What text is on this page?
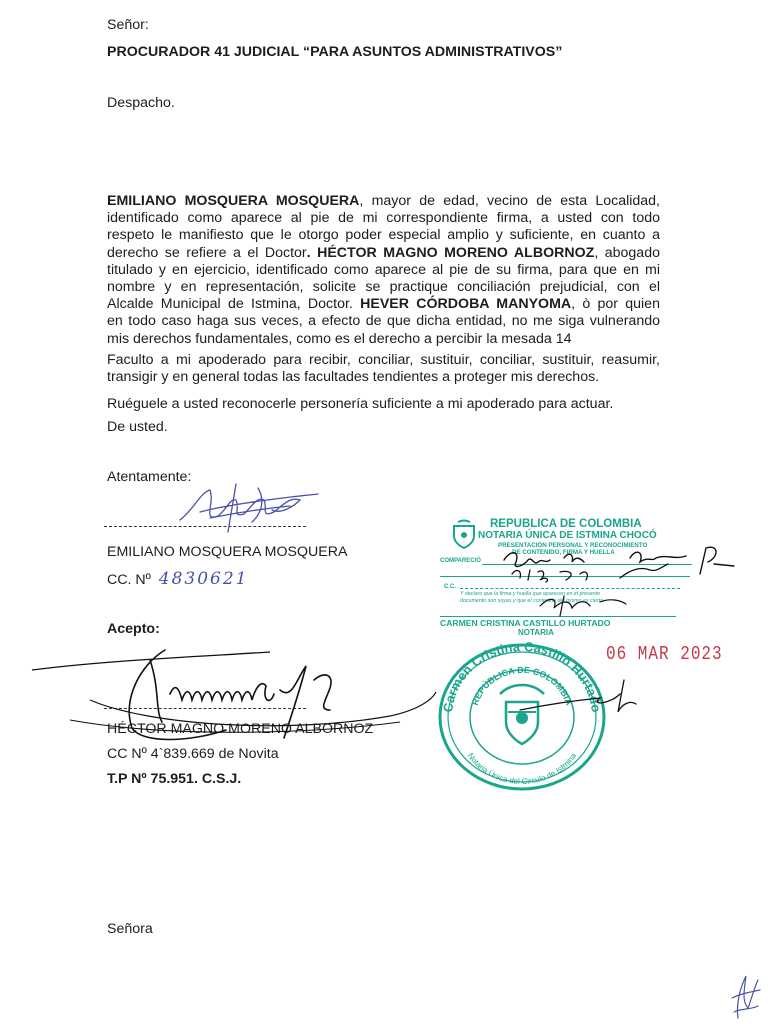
Señor:
PROCURADOR 41 JUDICIAL “PARA ASUNTOS ADMINISTRATIVOS”
Despacho.
EMILIANO MOSQUERA MOSQUERA, mayor de edad, vecino de esta Localidad,
identificado como aparece al pie de mi correspondiente firma, a usted con todo
respeto le manifiesto que le otorgo poder especial amplio y suficiente, en cuanto a
derecho se refiere a el Doctor. HÉCTOR MAGNO MORENO ALBORNOZ, abogado
titulado y en ejercicio, identificado como aparece al pie de su firma, para que en mi
nombre y en representación, solicite se practique conciliación prejudicial, con el
Alcalde Municipal de Istmina, Doctor. HEVER CÓRDOBA MANYOMA, ò por quien
en todo caso haga sus veces, a efecto de que dicha entidad, no me siga vulnerando
mis derechos fundamentales, como es el derecho a percibir la mesada 14
Faculto a mi apoderado para recibir, conciliar, sustituir, conciliar, sustituir, reasumir,
transigir y en general todas las facultades tendientes a proteger mis derechos.
Ruéguele a usted reconocerle personería suficiente a mi apoderado para actuar.
De usted.
Atentamente:
EMILIANO MOSQUERA MOSQUERA
CC. Nº 4830621
Acepto:
HÉCTOR MAGNO MORENO ALBORNOZ
CC Nº 4`839.669 de Novita
T.P Nº 75.951. C.S.J.
REPUBLICA DE COLOMBIA
NOTARIA ÚNICA DE ISTMINA CHOCÓ
PRESENTACIÓN PERSONAL Y RECONOCIMIENTO
DE CONTENIDO, FIRMA Y HUELLA
COMPARECIÓ
C.C.
Y declaro que la firma y huella que aparecen en el presente
documento son suyas y que el contenido del mismo es cierto.
CARMEN CRISTINA CASTILLO HURTADO
NOTARIA
06 MAR 2023
Carmen Cristina Castillo Hurtado
REPÚBLICA DE COLOMBIA
Notaria Única del Circulo de Istmina
Señora
